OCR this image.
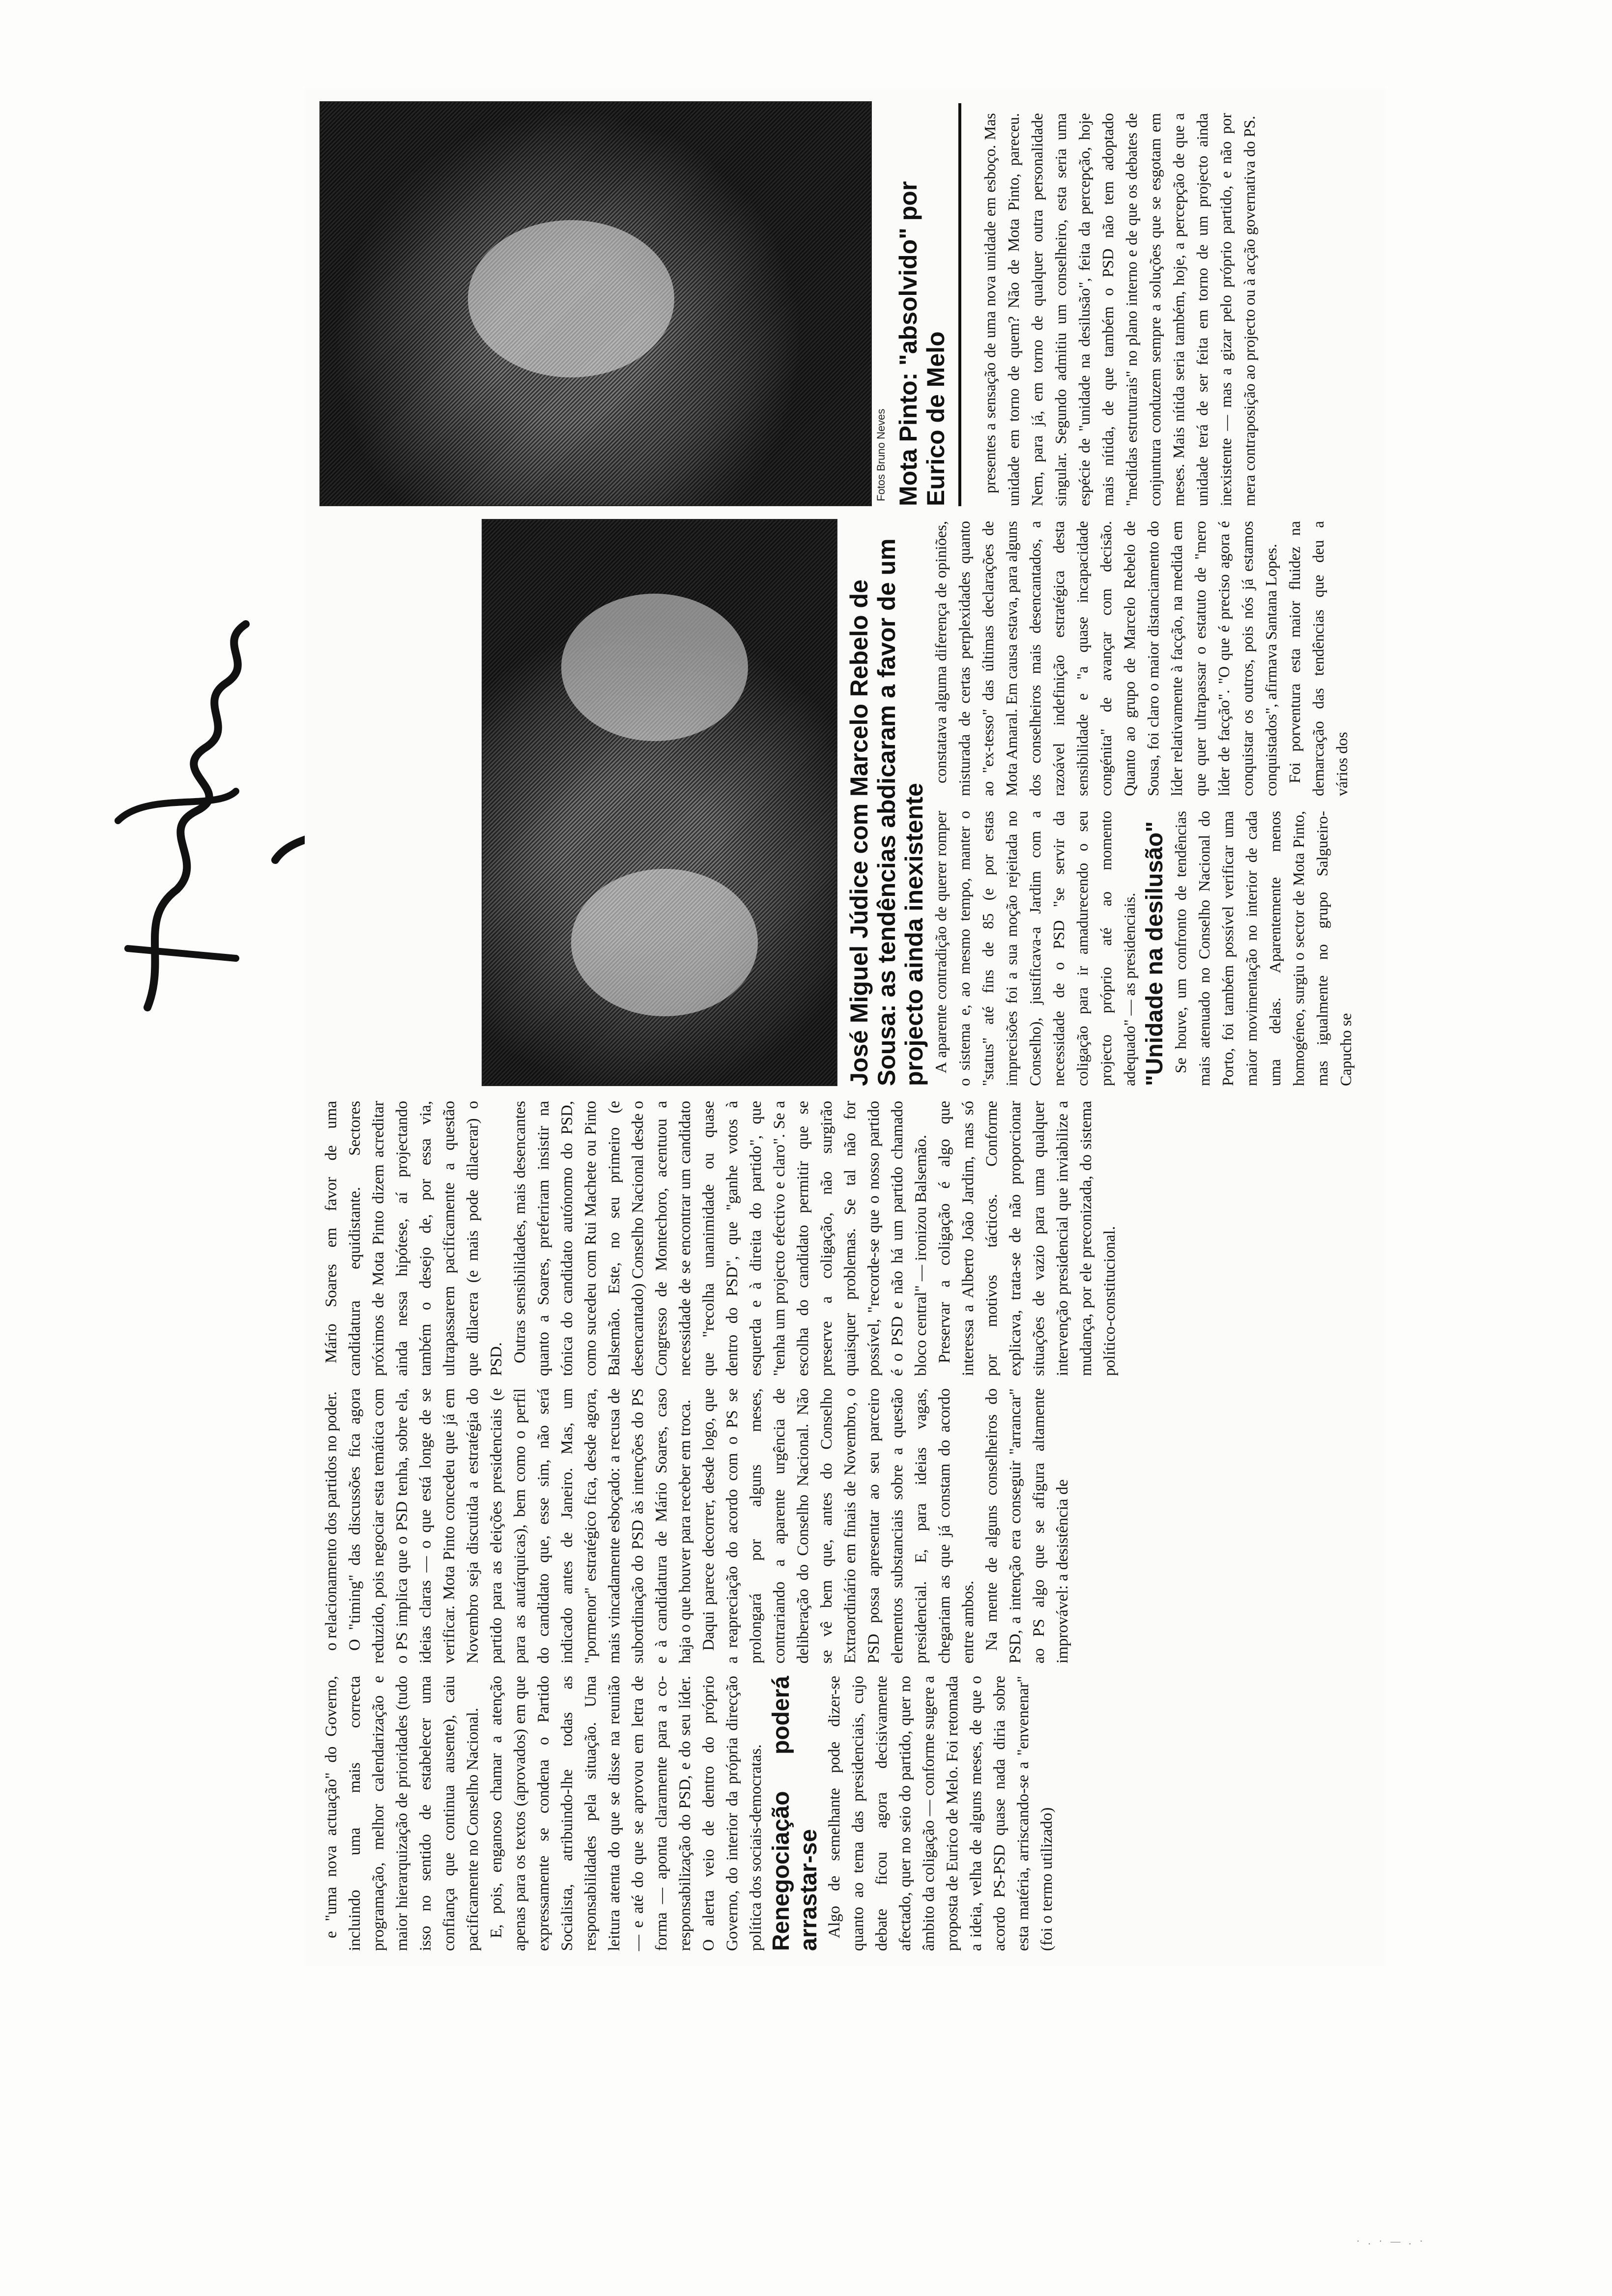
e "uma nova actuação" do Governo, incluindo uma mais correcta programação, melhor calendarização e maior hierarquização de prioridades (tudo isso no sentido de estabelecer uma confiança que continua ausente), caiu pacificamente no Conselho Nacional. E, pois, enganoso chamar a atenção apenas para os textos (aprovados) em que expressamente se condena o Partido Socialista, atribuindo-lhe todas as responsabilidades pela situação. Uma leitura atenta do que se disse na reunião — e até do que se aprovou em letra de forma — aponta claramente para a co-responsabilização do PSD, e do seu líder. O alerta veio de dentro do próprio Governo, do interior da própria direcção política dos sociais-democratas. Renegociação poderá arrastar-se Algo de semelhante pode dizer-se quanto ao tema das presidenciais, cujo debate ficou agora decisivamente afectado, quer no seio do partido, quer no âmbito da coligação — conforme sugere a proposta de Eurico de Melo. Foi retomada a ideia, velha de alguns meses, de que o acordo PS-PSD quase nada diria sobre esta matéria, arriscando-se a "envenenar" (foi o termo utilizado)

o relacionamento dos partidos no poder. O "timing" das discussões fica agora reduzido, pois negociar esta temática com o PS implica que o PSD tenha, sobre ela, ideias claras — o que está longe de se verificar. Mota Pinto concedeu que já em Novembro seja discutida a estratégia do partido para as eleições presidenciais (e para as autárquicas), bem como o perfil do candidato que, esse sim, não será indicado antes de Janeiro. Mas, um "pormenor" estratégico fica, desde agora, mais vincadamente esboçado: a recusa de subordinação do PSD às intenções do PS e à candidatura de Mário Soares, caso haja o que houver para receber em troca. Daqui parece decorrer, desde logo, que a reapreciação do acordo com o PS se prolongará por alguns meses, contrariando a aparente urgência de deliberação do Conselho Nacional. Não se vê bem que, antes do Conselho Extraordinário em finais de Novembro, o PSD possa apresentar ao seu parceiro elementos substanciais sobre a questão presidencial. E, para ideias vagas, chegariam as que já constam do acordo entre ambos. Na mente de alguns conselheiros do PSD, a intenção era conseguir "arrancar" ao PS algo que se afigura altamente improvável: a desistência de

Mário Soares em favor de uma candidatura equidistante. Sectores próximos de Mota Pinto dizem acreditar ainda nessa hipótese, aí projectando também o desejo de, por essa via, ultrapassarem pacificamente a questão que dilacera (e mais pode dilacerar) o PSD. Outras sensibilidades, mais desencantes quanto a Soares, preferiram insistir na tónica do candidato autónomo do PSD, como sucedeu com Rui Machete ou Pinto Balsemão. Este, no seu primeiro (e desencantado) Conselho Nacional desde o Congresso de Montechoro, acentuou a necessidade de se encontrar um candidato que "recolha unanimidade ou quase dentro do PSD", que "ganhe votos à esquerda e à direita do partido", que "tenha um projecto efectivo e claro". Se a escolha do candidato permitir que se preserve a coligação, não surgirão quaisquer problemas. Se tal não for possível, "recorde-se que o nosso partido é o PSD e não há um partido chamado bloco central" — ironizou Balsemão. Preservar a coligação é algo que interessa a Alberto João Jardim, mas só por motivos tácticos. Conforme explicava, trata-se de não proporcionar situações de vazio para uma qualquer intervenção presidencial que inviabilize a mudança, por ele preconizada, do sistema político-constitucional.

José Miguel Júdice com Marcelo Rebelo de Sousa: as tendências abdicaram a favor de um projecto ainda inexistente A aparente contradição de querer romper o sistema e, ao mesmo tempo, manter o "status" até fins de 85 (e por estas imprecisões foi a sua moção rejeitada no Conselho), justificava-a Jardim com a necessidade de o PSD "se servir da coligação para ir amadurecendo o seu projecto próprio até ao momento adequado" — as presidenciais. "Unidade na desilusão" Se houve, um confronto de tendências mais atenuado no Conselho Nacional do Porto, foi também possível verificar uma maior movimentação no interior de cada uma delas. Aparentemente menos homogéneo, surgiu o sector de Mota Pinto, mas igualmente no grupo Salgueiro-Capucho se

constatava alguma diferença de opiniões, misturada de certas perplexidades quanto ao "ex-tesso" das últimas declarações de Mota Amaral. Em causa estava, para alguns dos conselheiros mais desencantados, a razoável indefinição estratégica desta sensibilidade e "a quase incapacidade congénita" de avançar com decisão. Quanto ao grupo de Marcelo Rebelo de Sousa, foi claro o maior distanciamento do líder relativamente à facção, na medida em que quer ultrapassar o estatuto de "mero líder de facção". "O que é preciso agora é conquistar os outros, pois nós já estamos conquistados", afirmava Santana Lopes. Foi porventura esta maior fluidez na demarcação das tendências que deu a vários dos

Fotos Bruno Neves Mota Pinto: "absolvido" por Eurico de Melo presentes a sensação de uma nova unidade em esboço. Mas unidade em torno de quem? Não de Mota Pinto, pareceu. Nem, para já, em torno de qualquer outra personalidade singular. Segundo admitiu um conselheiro, esta seria uma espécie de "unidade na desilusão", feita da percepção, hoje mais nítida, de que também o PSD não tem adoptado "medidas estruturais" no plano interno e de que os debates de conjuntura conduzem sempre a soluções que se esgotam em meses. Mais nítida seria também, hoje, a percepção de que a unidade terá de ser feita em torno de um projecto ainda inexistente — mas a gizar pelo próprio partido, e não por mera contraposição ao projecto ou à acção governativa do PS.

· . · — . ·
